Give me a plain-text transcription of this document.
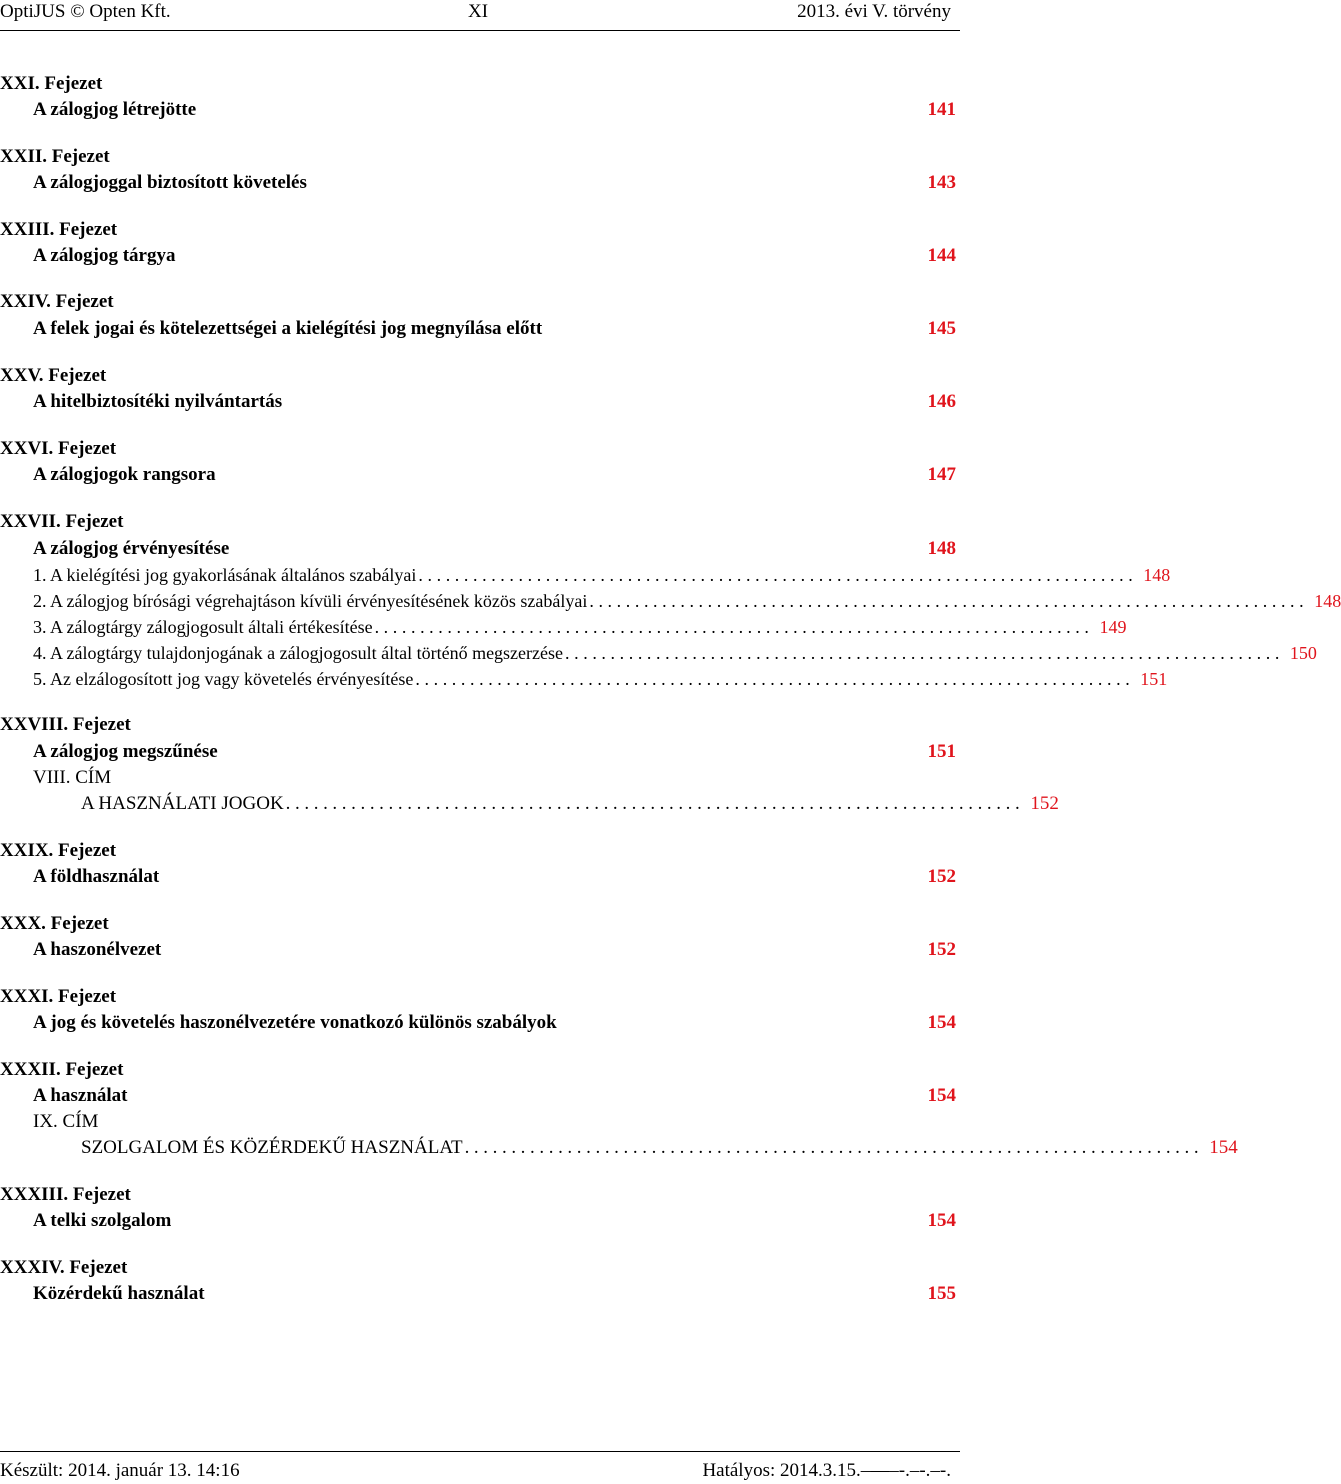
OptiJUS © Opten Kft.	XI	2013. évi V. törvény
XXI. Fejezet
A zálogjog létrejötte	141
XXII. Fejezet
A zálogjoggal biztosított követelés	143
XXIII. Fejezet
A zálogjog tárgya	144
XXIV. Fejezet
A felek jogai és kötelezettségei a kielégítési jog megnyílása előtt	145
XXV. Fejezet
A hitelbiztosítéki nyilvántartás	146
XXVI. Fejezet
A zálogjogok rangsora	147
XXVII. Fejezet
A zálogjog érvényesítése	148
1. A kielégítési jog gyakorlásának általános szabályai ............................................................................... 148
2. A zálogjog bírósági végrehajtáson kívüli érvényesítésének közös szabályai ............................................................................... 148
3. A zálogtárgy zálogjogosult általi értékesítése ............................................................................... 149
4. A zálogtárgy tulajdonjogának a zálogjogosult által történő megszerzése ............................................................................... 150
5. Az elzálogosított jog vagy követelés érvényesítése ............................................................................... 151
XXVIII. Fejezet
A zálogjog megszűnése	151
VIII. CÍM
A HASZNÁLATI JOGOK ............................................................................... 152
XXIX. Fejezet
A földhasználat	152
XXX. Fejezet
A haszonélvezet	152
XXXI. Fejezet
A jog és követelés haszonélvezetére vonatkozó különös szabályok	154
XXXII. Fejezet
A használat	154
IX. CÍM
SZOLGALOM ÉS KÖZÉRDEKŰ HASZNÁLAT ............................................................................... 154
XXXIII. Fejezet
A telki szolgalom	154
XXXIV. Fejezet
Közérdekű használat	155
Készült: 2014. január 13. 14:16	Hatályos: 2014.3.15.–—–-.–-.–-.
